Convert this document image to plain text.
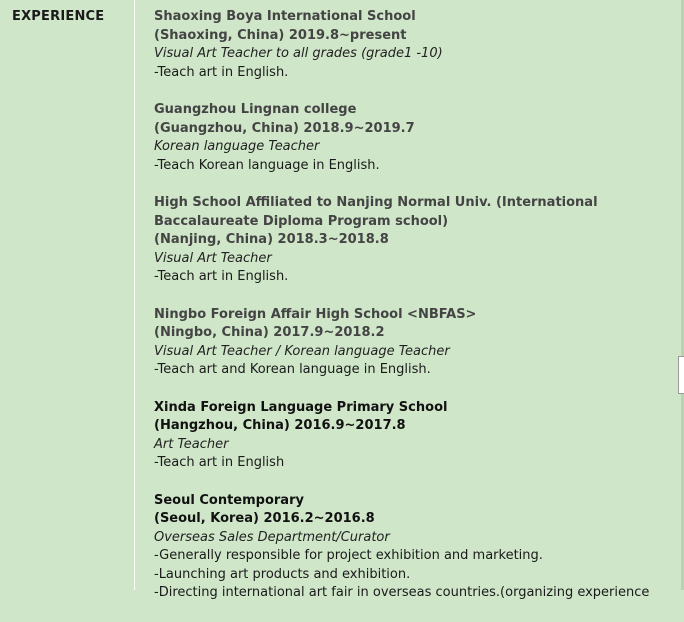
EXPERIENCE	Shaoxing Boya International School
(Shaoxing, China) 2019.8~present
Visual Art Teacher to all grades (grade1 -10)
-Teach art in English.
Guangzhou Lingnan college
(Guangzhou, China) 2018.9~2019.7
Korean language Teacher
-Teach Korean language in English.
High School Affiliated to Nanjing Normal Univ. (International
Baccalaureate Diploma Program school)
(Nanjing, China) 2018.3~2018.8
Visual Art Teacher
-Teach art in English.
Ningbo Foreign Affair High School <NBFAS>
(Ningbo, China) 2017.9~2018.2
Visual Art Teacher / Korean language Teacher
-Teach art and Korean language in English.
Xinda Foreign Language Primary School
(Hangzhou, China) 2016.9~2017.8
Art Teacher
-Teach art in English
Seoul Contemporary
(Seoul, Korea) 2016.2~2016.8
Overseas Sales Department/Curator
-Generally responsible for project exhibition and marketing.
-Launching art products and exhibition.
-Directing international art fair in overseas countries.(organizing experience
